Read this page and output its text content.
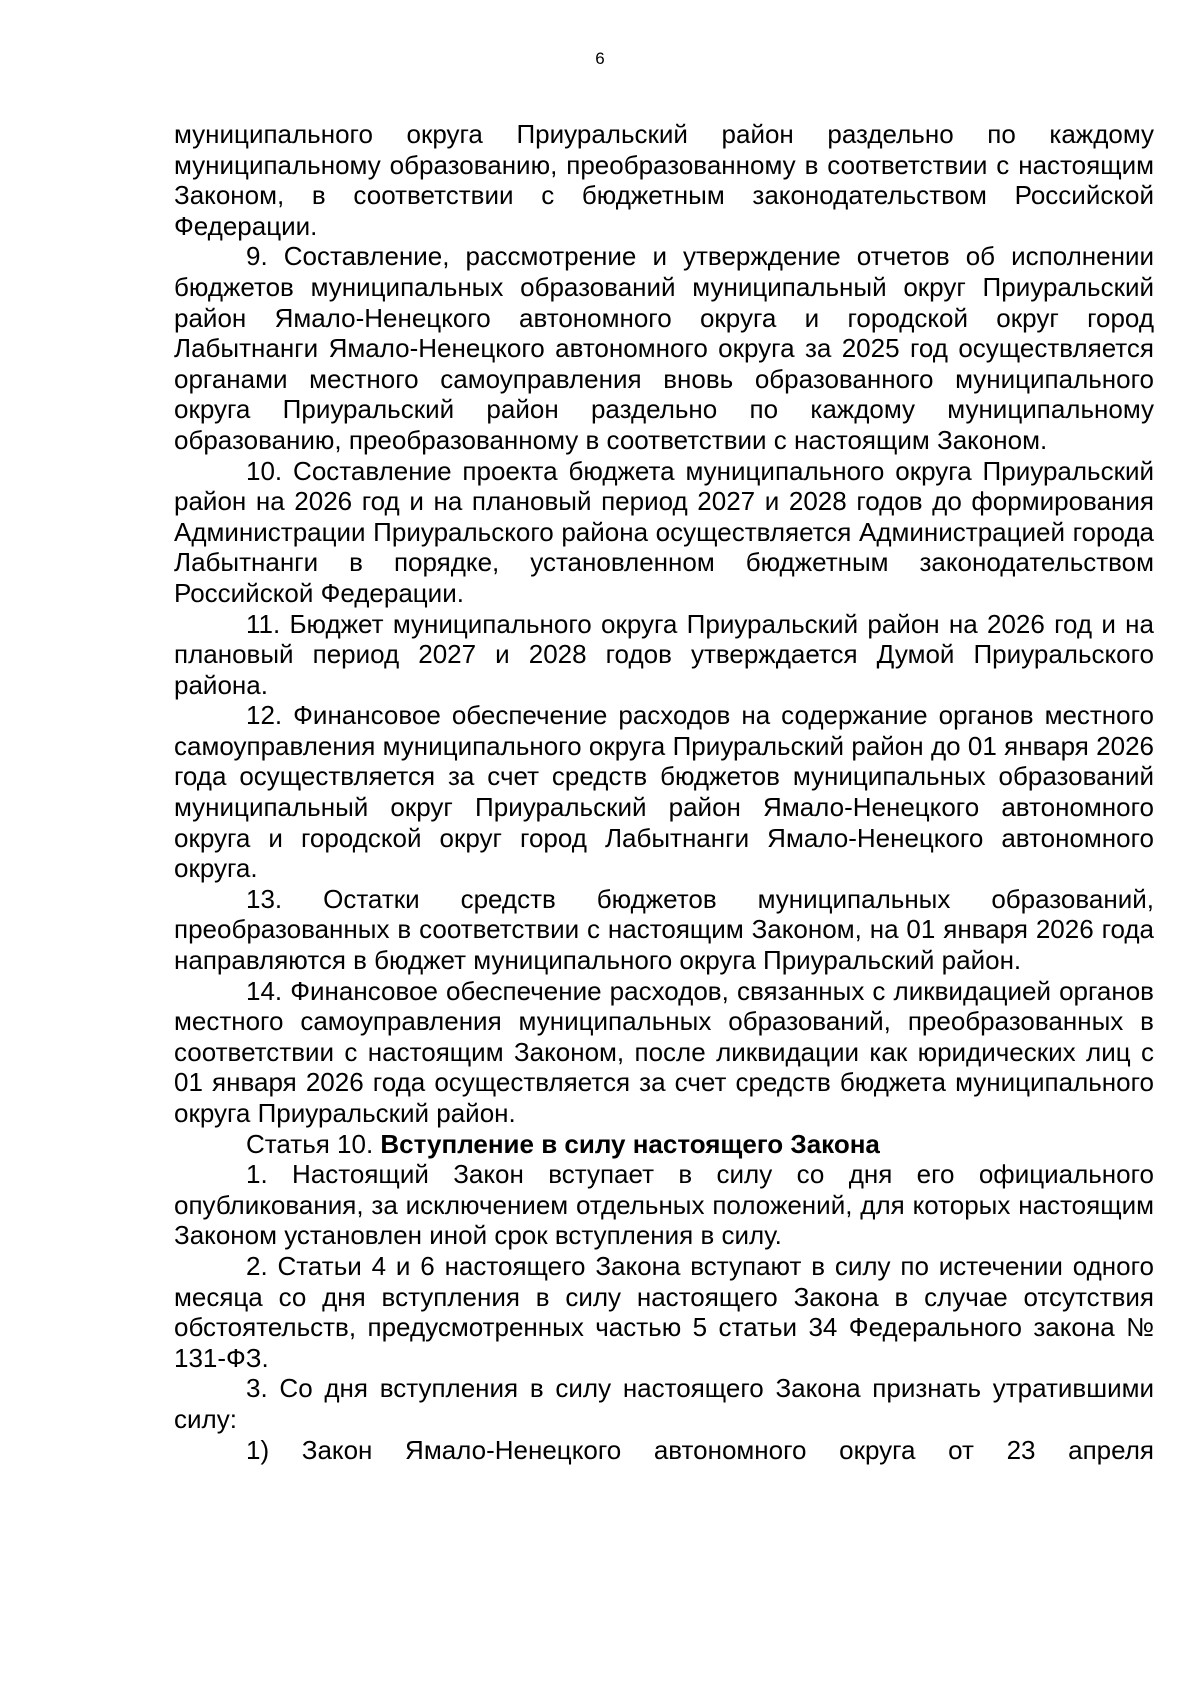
6

муниципального округа Приуральский район раздельно по каждому муниципальному образованию, преобразованному в соответствии с настоящим Законом, в соответствии с бюджетным законодательством Российской Федерации.

9. Составление, рассмотрение и утверждение отчетов об исполнении бюджетов муниципальных образований муниципальный округ Приуральский район Ямало-Ненецкого автономного округа и городской округ город Лабытнанги Ямало-Ненецкого автономного округа за 2025 год осуществляется органами местного самоуправления вновь образованного муниципального округа Приуральский район раздельно по каждому муниципальному образованию, преобразованному в соответствии с настоящим Законом.

10. Составление проекта бюджета муниципального округа Приуральский район на 2026 год и на плановый период 2027 и 2028 годов до формирования Администрации Приуральского района осуществляется Администрацией города Лабытнанги в порядке, установленном бюджетным законодательством Российской Федерации.

11. Бюджет муниципального округа Приуральский район на 2026 год и на плановый период 2027 и 2028 годов утверждается Думой Приуральского района.

12. Финансовое обеспечение расходов на содержание органов местного самоуправления муниципального округа Приуральский район до 01 января 2026 года осуществляется за счет средств бюджетов муниципальных образований муниципальный округ Приуральский район Ямало-Ненецкого автономного округа и городской округ город Лабытнанги Ямало-Ненецкого автономного округа.

13. Остатки средств бюджетов муниципальных образований, преобразованных в соответствии с настоящим Законом, на 01 января 2026 года направляются в бюджет муниципального округа Приуральский район.

14. Финансовое обеспечение расходов, связанных с ликвидацией органов местного самоуправления муниципальных образований, преобразованных в соответствии с настоящим Законом, после ликвидации как юридических лиц с 01 января 2026 года осуществляется за счет средств бюджета муниципального округа Приуральский район.

Статья 10. Вступление в силу настоящего Закона

1. Настоящий Закон вступает в силу со дня его официального опубликования, за исключением отдельных положений, для которых настоящим Законом установлен иной срок вступления в силу.

2. Статьи 4 и 6 настоящего Закона вступают в силу по истечении одного месяца со дня вступления в силу настоящего Закона в случае отсутствия обстоятельств, предусмотренных частью 5 статьи 34 Федерального закона № 131-ФЗ.

3. Со дня вступления в силу настоящего Закона признать утратившими силу:

1) Закон Ямало-Ненецкого автономного округа от 23 апреля
